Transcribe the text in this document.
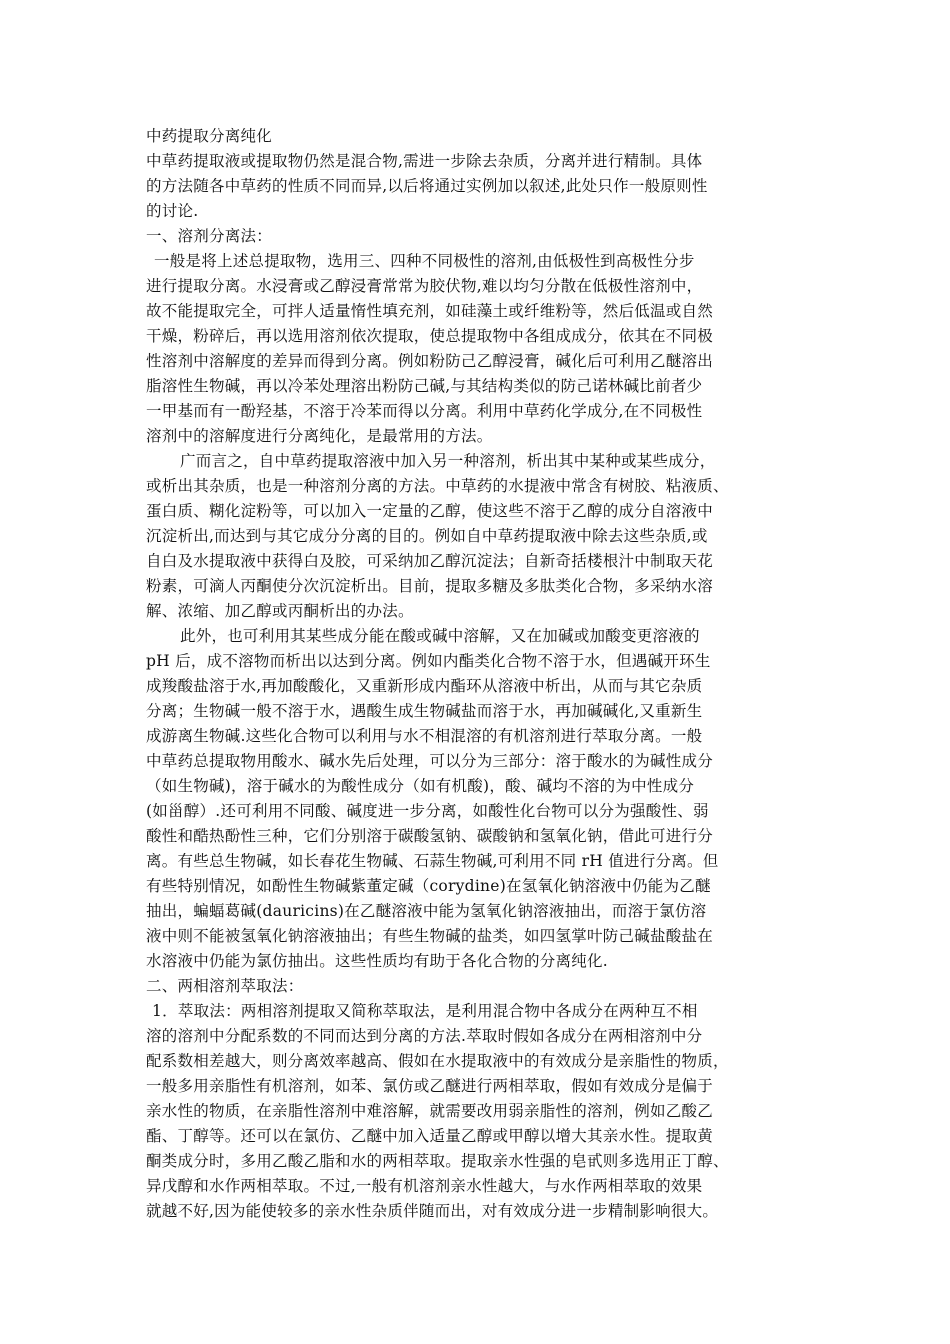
中药提取分离纯化
中草药提取液或提取物仍然是混合物,需进一步除去杂质，分离并进行精制。具体
的方法随各中草药的性质不同而异,以后将通过实例加以叙述,此处只作一般原则性
的讨论.
一、溶剂分离法：
一般是将上述总提取物，选用三、四种不同极性的溶剂,由低极性到高极性分步
进行提取分离。水浸膏或乙醇浸膏常常为胶伏物,难以均匀分散在低极性溶剂中，
故不能提取完全，可拌人适量惰性填充剂，如硅藻土或纤维粉等，然后低温或自然
干燥，粉碎后，再以选用溶剂依次提取，使总提取物中各组成成分，依其在不同极
性溶剂中溶解度的差异而得到分离。例如粉防己乙醇浸膏，碱化后可利用乙醚溶出
脂溶性生物碱，再以冷苯处理溶出粉防己碱,与其结构类似的防己诺林碱比前者少
一甲基而有一酚羟基，不溶于冷苯而得以分离。利用中草药化学成分,在不同极性
溶剂中的溶解度进行分离纯化，是最常用的方法。
广而言之，自中草药提取溶液中加入另一种溶剂，析出其中某种或某些成分，
或析出其杂质，也是一种溶剂分离的方法。中草药的水提液中常含有树胶、粘液质、
蛋白质、糊化淀粉等，可以加入一定量的乙醇，使这些不溶于乙醇的成分自溶液中
沉淀析出,而达到与其它成分分离的目的。例如自中草药提取液中除去这些杂质,或
自白及水提取液中获得白及胶，可采纳加乙醇沉淀法；自新奇括楼根汁中制取天花
粉素，可滴人丙酮使分次沉淀析出。目前，提取多糖及多肽类化合物，多采纳水溶
解、浓缩、加乙醇或丙酮析出的办法。
此外，也可利用其某些成分能在酸或碱中溶解，又在加碱或加酸变更溶液的
pH 后，成不溶物而析出以达到分离。例如内酯类化合物不溶于水，但遇碱开环生
成羧酸盐溶于水,再加酸酸化，又重新形成内酯环从溶液中析出，从而与其它杂质
分离；生物碱一般不溶于水，遇酸生成生物碱盐而溶于水，再加碱碱化,又重新生
成游离生物碱.这些化合物可以利用与水不相混溶的有机溶剂进行萃取分离。一般
中草药总提取物用酸水、碱水先后处理，可以分为三部分：溶于酸水的为碱性成分
（如生物碱)，溶于碱水的为酸性成分（如有机酸)，酸、碱均不溶的为中性成分
(如甾醇）.还可利用不同酸、碱度进一步分离，如酸性化台物可以分为强酸性、弱
酸性和酷热酚性三种，它们分别溶于碳酸氢钠、碳酸钠和氢氧化钠，借此可进行分
离。有些总生物碱，如长春花生物碱、石蒜生物碱,可利用不同 rH 值进行分离。但
有些特别情况，如酚性生物碱紫董定碱（corydine)在氢氧化钠溶液中仍能为乙醚
抽出，蝙蝠葛碱(dauricins)在乙醚溶液中能为氢氧化钠溶液抽出，而溶于氯仿溶
液中则不能被氢氧化钠溶液抽出；有些生物碱的盐类，如四氢掌叶防己碱盐酸盐在
水溶液中仍能为氯仿抽出。这些性质均有助于各化合物的分离纯化.
二、两相溶剂萃取法：
1．萃取法：两相溶剂提取又简称萃取法，是利用混合物中各成分在两种互不相
溶的溶剂中分配系数的不同而达到分离的方法.萃取时假如各成分在两相溶剂中分
配系数相差越大，则分离效率越高、假如在水提取液中的有效成分是亲脂性的物质，
一般多用亲脂性有机溶剂，如苯、氯仿或乙醚进行两相萃取，假如有效成分是偏于
亲水性的物质，在亲脂性溶剂中难溶解，就需要改用弱亲脂性的溶剂，例如乙酸乙
酯、丁醇等。还可以在氯仿、乙醚中加入适量乙醇或甲醇以增大其亲水性。提取黄
酮类成分时，多用乙酸乙脂和水的两相萃取。提取亲水性强的皂甙则多选用正丁醇、
异戊醇和水作两相萃取。不过,一般有机溶剂亲水性越大，与水作两相萃取的效果
就越不好,因为能使较多的亲水性杂质伴随而出，对有效成分进一步精制影响很大。
